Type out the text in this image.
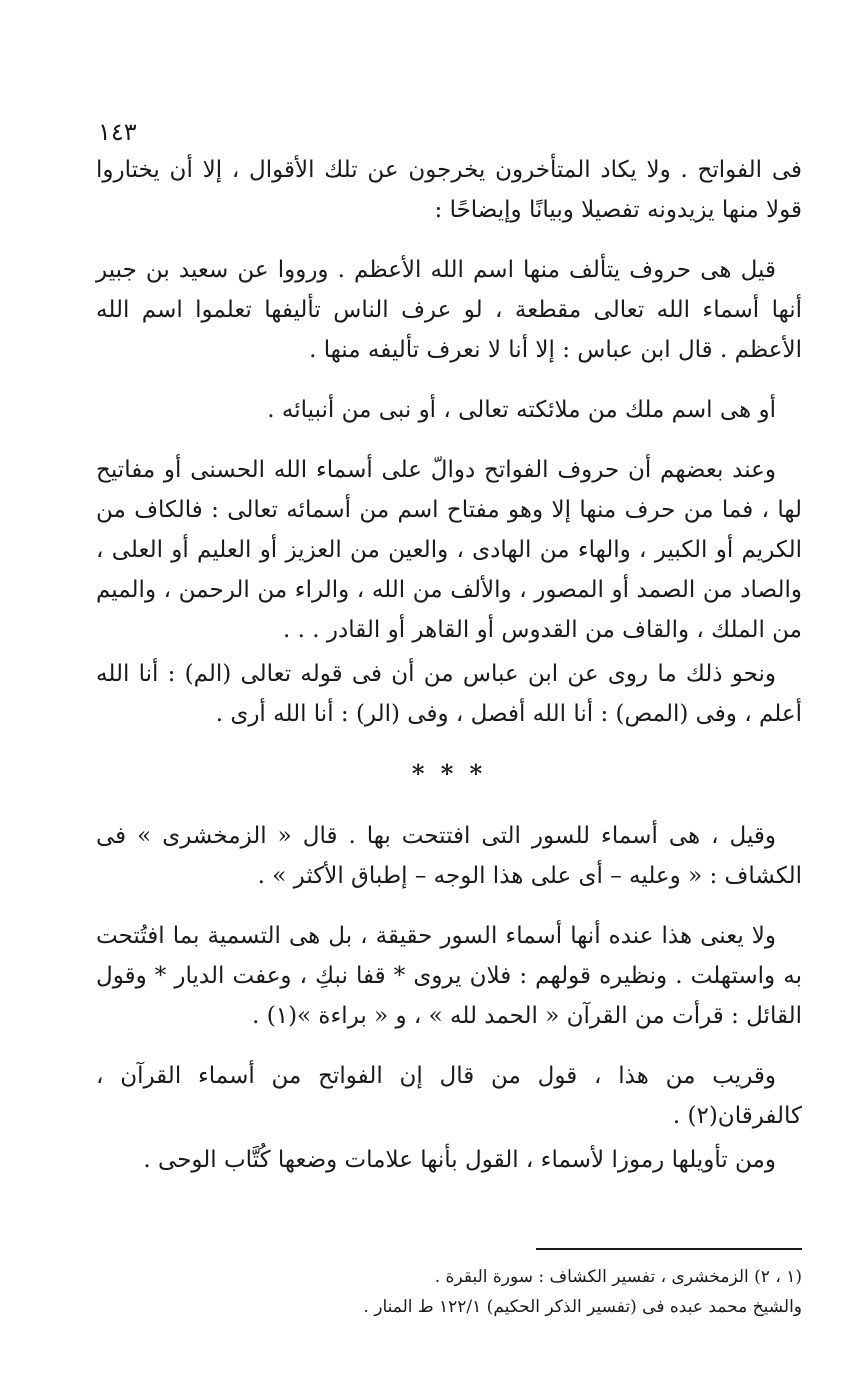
١٤٣

فى الفواتح . ولا يكاد المتأخرون يخرجون عن تلك الأقوال ، إلا أن يختاروا قولا منها يزيدونه تفصيلا وبيانًا وإيضاحًا :

قيل هى حروف يتألف منها اسم الله الأعظم . ورووا عن سعيد بن جبير أنها أسماء الله تعالى مقطعة ، لو عرف الناس تأليفها تعلموا اسم الله الأعظم . قال ابن عباس : إلا أنا لا نعرف تأليفه منها .

أو هى اسم ملك من ملائكته تعالى ، أو نبى من أنبيائه .

وعند بعضهم أن حروف الفواتح دوالّ على أسماء الله الحسنى أو مفاتيح لها ، فما من حرف منها إلا وهو مفتاح اسم من أسمائه تعالى : فالكاف من الكريم أو الكبير ، والهاء من الهادى ، والعين من العزيز أو العليم أو العلى ، والصاد من الصمد أو المصور ، والألف من الله ، والراء من الرحمن ، والميم من الملك ، والقاف من القدوس أو القاهر أو القادر . . .

ونحو ذلك ما روى عن ابن عباس من أن فى قوله تعالى (الم) : أنا الله أعلم ، وفى (المص) : أنا الله أفصل ، وفى (الر) : أنا الله أرى .

* * *

وقيل ، هى أسماء للسور التى افتتحت بها . قال « الزمخشرى » فى الكشاف : « وعليه – أى على هذا الوجه – إطباق الأكثر » .

ولا يعنى هذا عنده أنها أسماء السور حقيقة ، بل هى التسمية بما افتُتحت به واستهلت . ونظيره قولهم : فلان يروى * قفا نبكِ ، وعفت الديار * وقول القائل : قرأت من القرآن « الحمد لله » ، و « براءة »(١) .

وقريب من هذا ، قول من قال إن الفواتح من أسماء القرآن ، كالفرقان(٢) .

ومن تأويلها رموزا لأسماء ، القول بأنها علامات وضعها كُتَّاب الوحى .

(١ ، ٢) الزمخشرى ، تفسير الكشاف : سورة البقرة .
والشيخ محمد عبده فى (تفسير الذكر الحكيم) ١٢٢/١ ط المنار .
